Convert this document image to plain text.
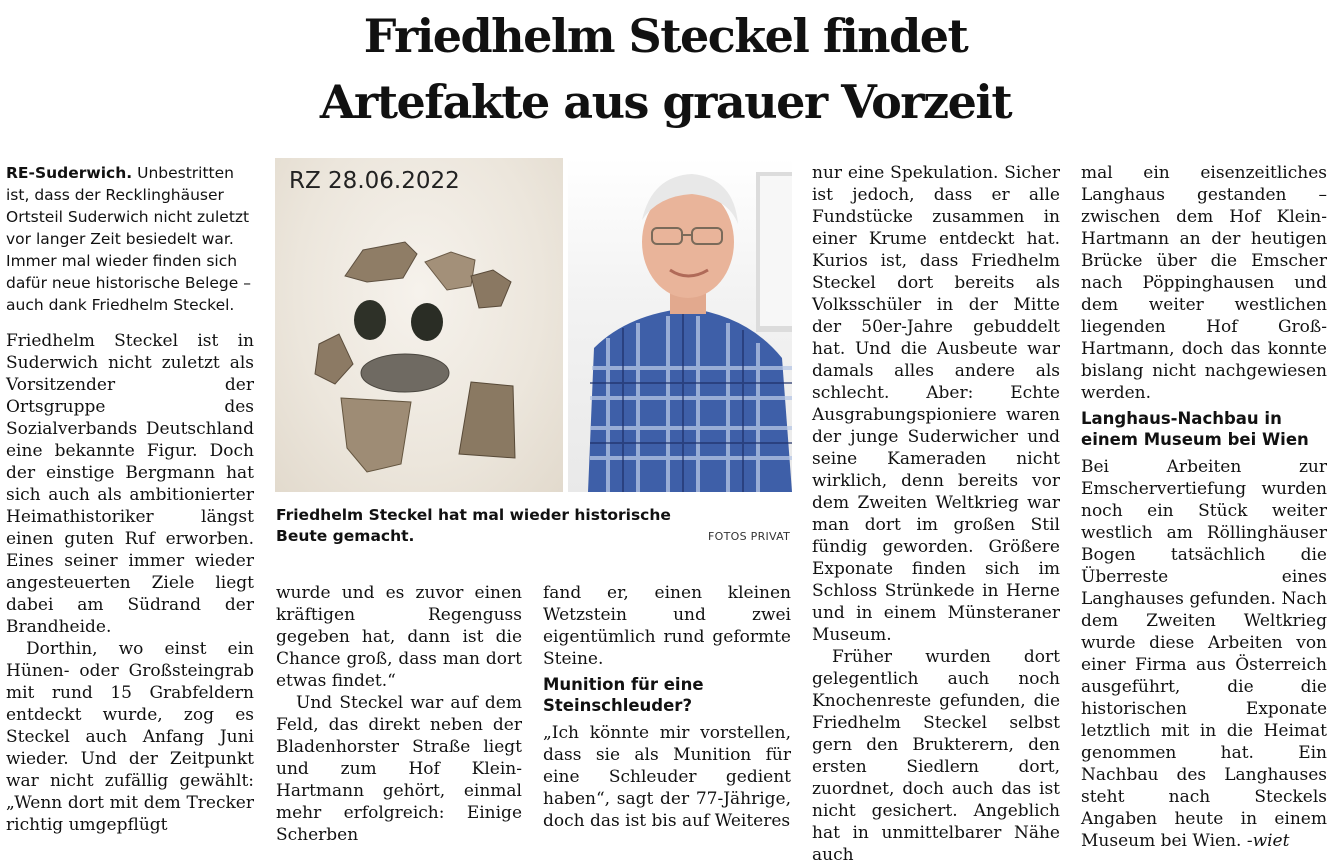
Friedhelm Steckel findet
Artefakte aus grauer Vorzeit

RE-Suderwich. Unbestritten ist, dass der Recklinghäuser Ortsteil Suderwich nicht zuletzt vor langer Zeit besiedelt war. Immer mal wieder finden sich dafür neue historische Belege – auch dank Friedhelm Steckel.

Friedhelm Steckel ist in Suderwich nicht zuletzt als Vorsitzender der Ortsgruppe des Sozialverbands Deutschland eine bekannte Figur. Doch der einstige Bergmann hat sich auch als ambitionierter Heimathistoriker längst einen guten Ruf erworben. Eines seiner immer wieder angesteuerten Ziele liegt dabei am Südrand der Brandheide.

Dorthin, wo einst ein Hünen- oder Großsteingrab mit rund 15 Grabfeldern entdeckt wurde, zog es Steckel auch Anfang Juni wieder. Und der Zeitpunkt war nicht zufällig gewählt: „Wenn dort mit dem Trecker richtig umgepflügt

RZ 28.06.2022
Friedhelm Steckel hat mal wieder historische Beute gemacht.	FOTOS PRIVAT

wurde und es zuvor einen kräftigen Regenguss gegeben hat, dann ist die Chance groß, dass man dort etwas findet.“

Und Steckel war auf dem Feld, das direkt neben der Bladenhorster Straße liegt und zum Hof Klein-Hartmann gehört, einmal mehr erfolgreich: Einige Scherben

fand er, einen kleinen Wetzstein und zwei eigentümlich rund geformte Steine.

Munition für eine Steinschleuder?

„Ich könnte mir vorstellen, dass sie als Munition für eine Schleuder gedient haben“, sagt der 77-Jährige, doch das ist bis auf Weiteres

nur eine Spekulation. Sicher ist jedoch, dass er alle Fundstücke zusammen in einer Krume entdeckt hat. Kurios ist, dass Friedhelm Steckel dort bereits als Volksschüler in der Mitte der 50er-Jahre gebuddelt hat. Und die Ausbeute war damals alles andere als schlecht. Aber: Echte Ausgrabungspioniere waren der junge Suderwicher und seine Kameraden nicht wirklich, denn bereits vor dem Zweiten Weltkrieg war man dort im großen Stil fündig geworden. Größere Exponate finden sich im Schloss Strünkede in Herne und in einem Münsteraner Museum.

Früher wurden dort gelegentlich auch noch Knochenreste gefunden, die Friedhelm Steckel selbst gern den Brukterern, den ersten Siedlern dort, zuordnet, doch auch das ist nicht gesichert. Angeblich hat in unmittelbarer Nähe auch

mal ein eisenzeitliches Langhaus gestanden – zwischen dem Hof Klein-Hartmann an der heutigen Brücke über die Emscher nach Pöppinghausen und dem weiter westlichen liegenden Hof Groß-Hartmann, doch das konnte bislang nicht nachgewiesen werden.

Langhaus-Nachbau in einem Museum bei Wien

Bei Arbeiten zur Emschervertiefung wurden noch ein Stück weiter westlich am Röllinghäuser Bogen tatsächlich die Überreste eines Langhauses gefunden. Nach dem Zweiten Weltkrieg wurde diese Arbeiten von einer Firma aus Österreich ausgeführt, die die historischen Exponate letztlich mit in die Heimat genommen hat. Ein Nachbau des Langhauses steht nach Steckels Angaben heute in einem Museum bei Wien. -wiet
